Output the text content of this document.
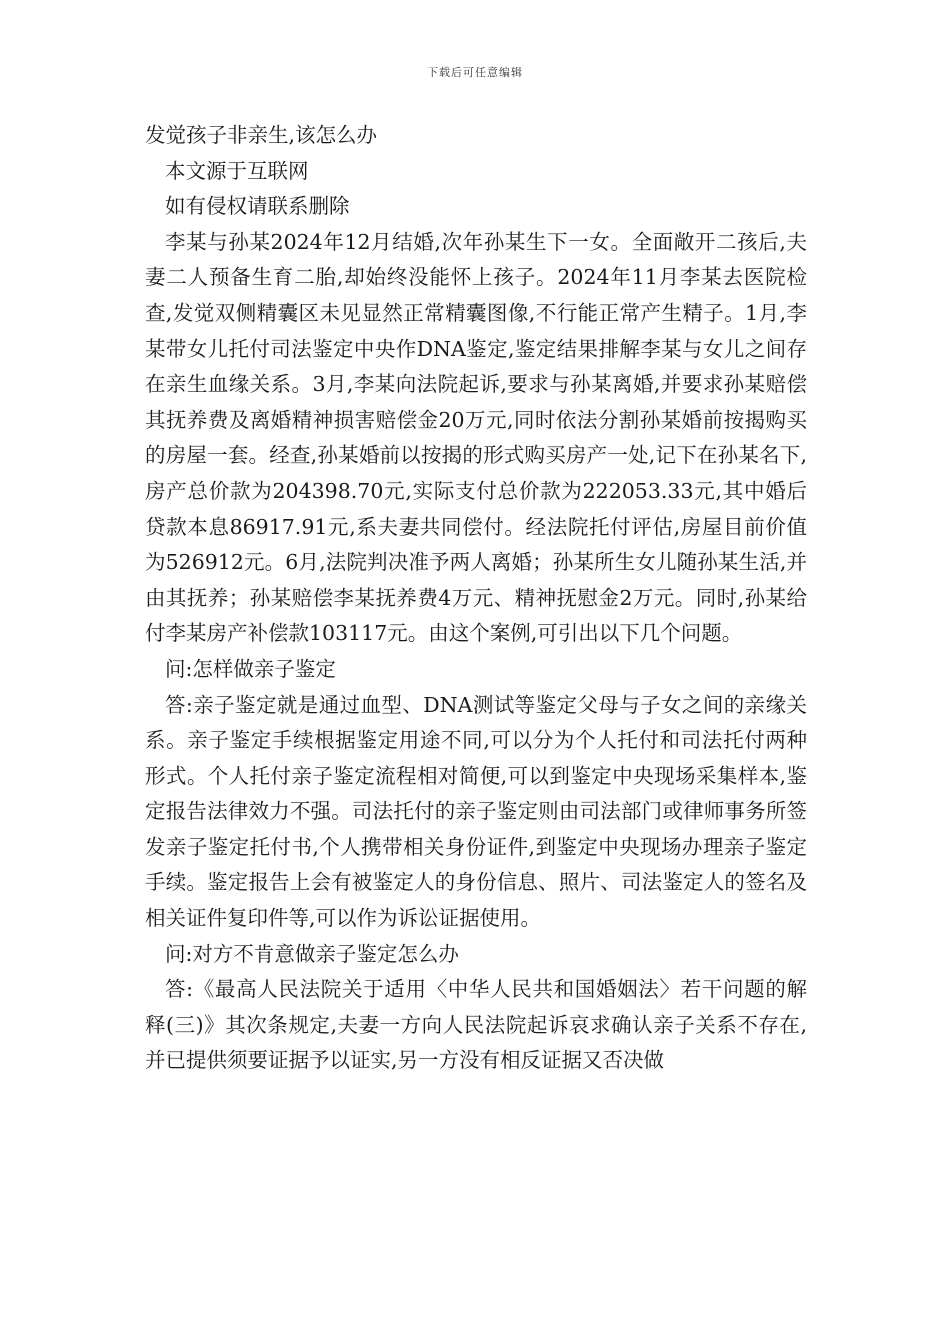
下载后可任意编辑

发觉孩子非亲生,该怎么办

本文源于互联网

如有侵权请联系删除

李某与孙某2024年12月结婚,次年孙某生下一女。全面敞开二孩后,夫妻二人预备生育二胎,却始终没能怀上孩子。2024年11月李某去医院检查,发觉双侧精囊区未见显然正常精囊图像,不行能正常产生精子。1月,李某带女儿托付司法鉴定中央作DNA鉴定,鉴定结果排解李某与女儿之间存在亲生血缘关系。3月,李某向法院起诉,要求与孙某离婚,并要求孙某赔偿其抚养费及离婚精神损害赔偿金20万元,同时依法分割孙某婚前按揭购买的房屋一套。经查,孙某婚前以按揭的形式购买房产一处,记下在孙某名下,房产总价款为204398.70元,实际支付总价款为222053.33元,其中婚后贷款本息86917.91元,系夫妻共同偿付。经法院托付评估,房屋目前价值为526912元。6月,法院判决准予两人离婚；孙某所生女儿随孙某生活,并由其抚养；孙某赔偿李某抚养费4万元、精神抚慰金2万元。同时,孙某给付李某房产补偿款103117元。由这个案例,可引出以下几个问题。

问:怎样做亲子鉴定

答:亲子鉴定就是通过血型、DNA测试等鉴定父母与子女之间的亲缘关系。亲子鉴定手续根据鉴定用途不同,可以分为个人托付和司法托付两种形式。个人托付亲子鉴定流程相对简便,可以到鉴定中央现场采集样本,鉴定报告法律效力不强。司法托付的亲子鉴定则由司法部门或律师事务所签发亲子鉴定托付书,个人携带相关身份证件,到鉴定中央现场办理亲子鉴定手续。鉴定报告上会有被鉴定人的身份信息、照片、司法鉴定人的签名及相关证件复印件等,可以作为诉讼证据使用。

问:对方不肯意做亲子鉴定怎么办

答:《最高人民法院关于适用〈中华人民共和国婚姻法〉若干问题的解释(三)》其次条规定,夫妻一方向人民法院起诉哀求确认亲子关系不存在,并已提供须要证据予以证实,另一方没有相反证据又否决做
